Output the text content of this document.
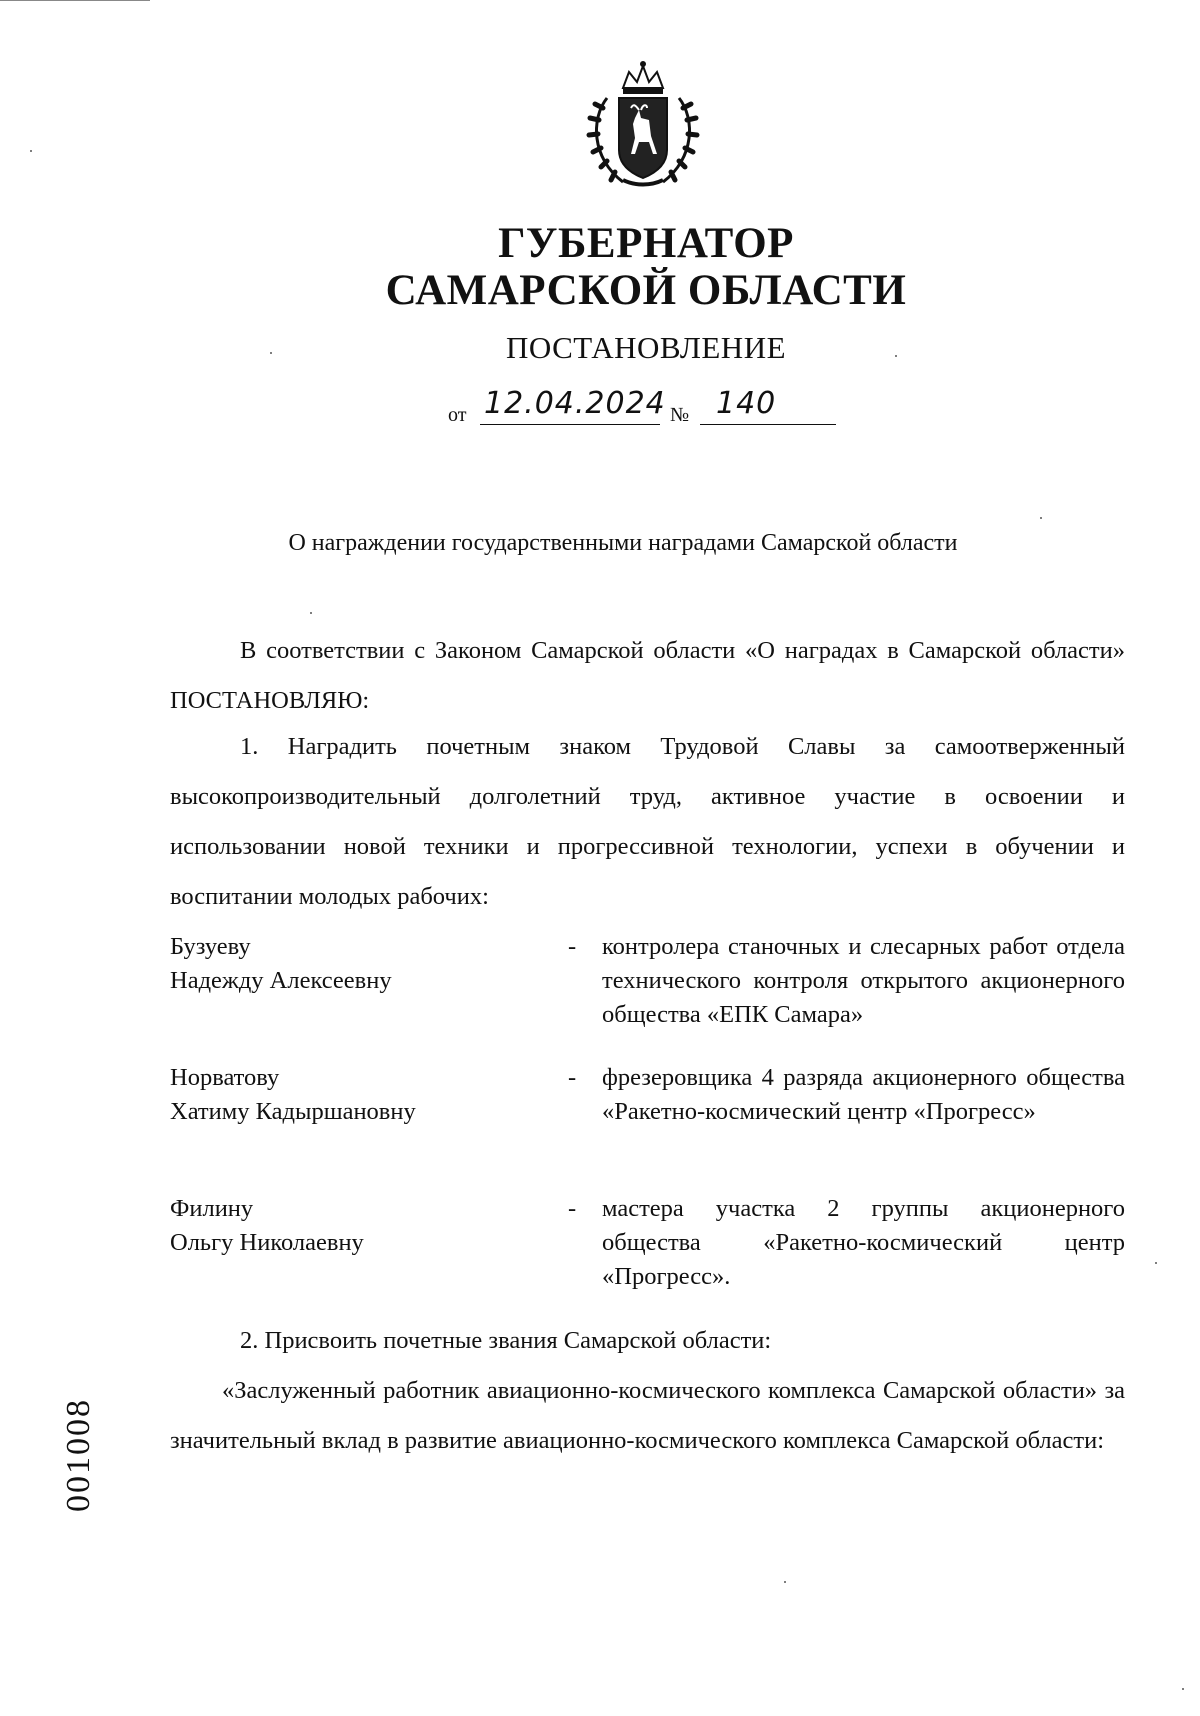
ГУБЕРНАТОР
САМАРСКОЙ ОБЛАСТИ
ПОСТАНОВЛЕНИЕ
от 12.04.2024 № 140
О награждении государственными наградами Самарской области
В соответствии с Законом Самарской области «О наградах в Самарской области» ПОСТАНОВЛЯЮ:
1. Наградить почетным знаком Трудовой Славы за самоотверженный высокопроизводительный долголетний труд, активное участие в освоении и использовании новой техники и прогрессивной технологии, успехи в обучении и воспитании молодых рабочих:
Бузуеву
Надежду Алексеевну
- контролера станочных и слесарных работ отдела технического контроля открытого акционерного общества «ЕПК Самара»
Норватову
Хатиму Кадыршановну
- фрезеровщика 4 разряда акционерного общества «Ракетно-космический центр «Прогресс»
Филину
Ольгу Николаевну
- мастера участка 2 группы акционерного общества «Ракетно-космический центр «Прогресс».
2. Присвоить почетные звания Самарской области:
«Заслуженный работник авиационно-космического комплекса Самарской области» за значительный вклад в развитие авиационно-космического комплекса Самарской области:
001008
